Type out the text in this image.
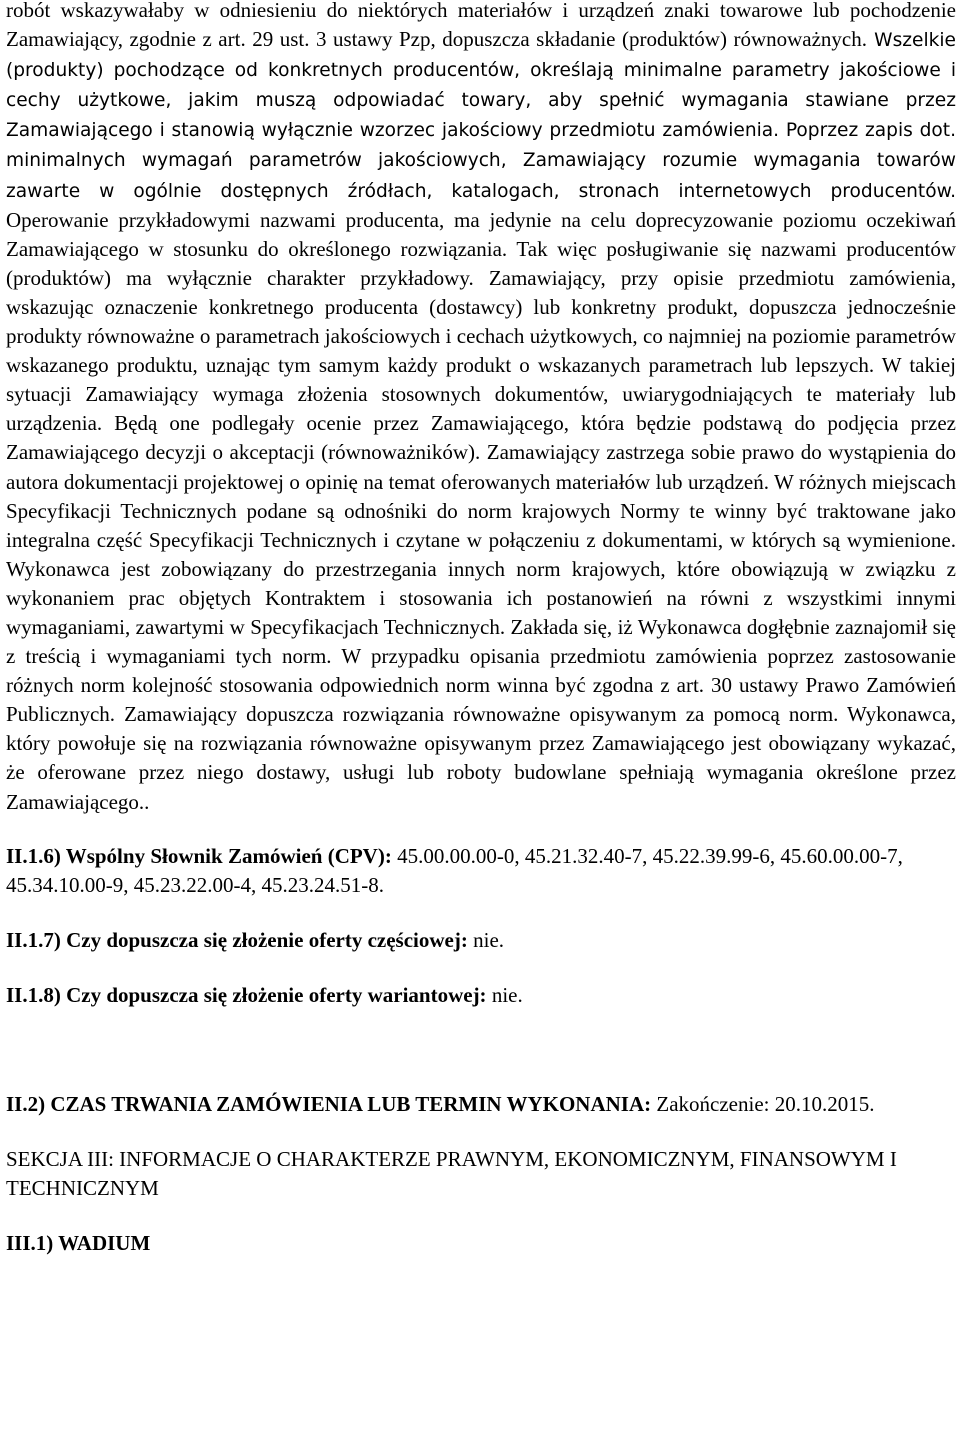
robót wskazywałaby w odniesieniu do niektórych materiałów i urządzeń znaki towarowe lub pochodzenie Zamawiający, zgodnie z art. 29 ust. 3 ustawy Pzp, dopuszcza składanie (produktów) równoważnych. Wszelkie (produkty) pochodzące od konkretnych producentów, określają minimalne parametry jakościowe i cechy użytkowe, jakim muszą odpowiadać towary, aby spełnić wymagania stawiane przez Zamawiającego i stanowią wyłącznie wzorzec jakościowy przedmiotu zamówienia. Poprzez zapis dot. minimalnych wymagań parametrów jakościowych, Zamawiający rozumie wymagania towarów zawarte w ogólnie dostępnych źródłach, katalogach, stronach internetowych producentów. Operowanie przykładowymi nazwami producenta, ma jedynie na celu doprecyzowanie poziomu oczekiwań Zamawiającego w stosunku do określonego rozwiązania. Tak więc posługiwanie się nazwami producentów (produktów) ma wyłącznie charakter przykładowy. Zamawiający, przy opisie przedmiotu zamówienia, wskazując oznaczenie konkretnego producenta (dostawcy) lub konkretny produkt, dopuszcza jednocześnie produkty równoważne o parametrach jakościowych i cechach użytkowych, co najmniej na poziomie parametrów wskazanego produktu, uznając tym samym każdy produkt o wskazanych parametrach lub lepszych. W takiej sytuacji Zamawiający wymaga złożenia stosownych dokumentów, uwiarygodniających te materiały lub urządzenia. Będą one podlegały ocenie przez Zamawiającego, która będzie podstawą do podjęcia przez Zamawiającego decyzji o akceptacji (równoważników). Zamawiający zastrzega sobie prawo do wystąpienia do autora dokumentacji projektowej o opinię na temat oferowanych materiałów lub urządzeń. W różnych miejscach Specyfikacji Technicznych podane są odnośniki do norm krajowych Normy te winny być traktowane jako integralna część Specyfikacji Technicznych i czytane w połączeniu z dokumentami, w których są wymienione. Wykonawca jest zobowiązany do przestrzegania innych norm krajowych, które obowiązują w związku z wykonaniem prac objętych Kontraktem i stosowania ich postanowień na równi z wszystkimi innymi wymaganiami, zawartymi w Specyfikacjach Technicznych. Zakłada się, iż Wykonawca dogłębnie zaznajomił się z treścią i wymaganiami tych norm. W przypadku opisania przedmiotu zamówienia poprzez zastosowanie różnych norm kolejność stosowania odpowiednich norm winna być zgodna z art. 30 ustawy Prawo Zamówień Publicznych. Zamawiający dopuszcza rozwiązania równoważne opisywanym za pomocą norm. Wykonawca, który powołuje się na rozwiązania równoważne opisywanym przez Zamawiającego jest obowiązany wykazać, że oferowane przez niego dostawy, usługi lub roboty budowlane spełniają wymagania określone przez Zamawiającego..

II.1.6) Wspólny Słownik Zamówień (CPV): 45.00.00.00-0, 45.21.32.40-7, 45.22.39.99-6, 45.60.00.00-7, 45.34.10.00-9, 45.23.22.00-4, 45.23.24.51-8.

II.1.7) Czy dopuszcza się złożenie oferty częściowej: nie.

II.1.8) Czy dopuszcza się złożenie oferty wariantowej: nie.

II.2) CZAS TRWANIA ZAMÓWIENIA LUB TERMIN WYKONANIA: Zakończenie: 20.10.2015.

SEKCJA III: INFORMACJE O CHARAKTERZE PRAWNYM, EKONOMICZNYM, FINANSOWYM I TECHNICZNYM

III.1) WADIUM
